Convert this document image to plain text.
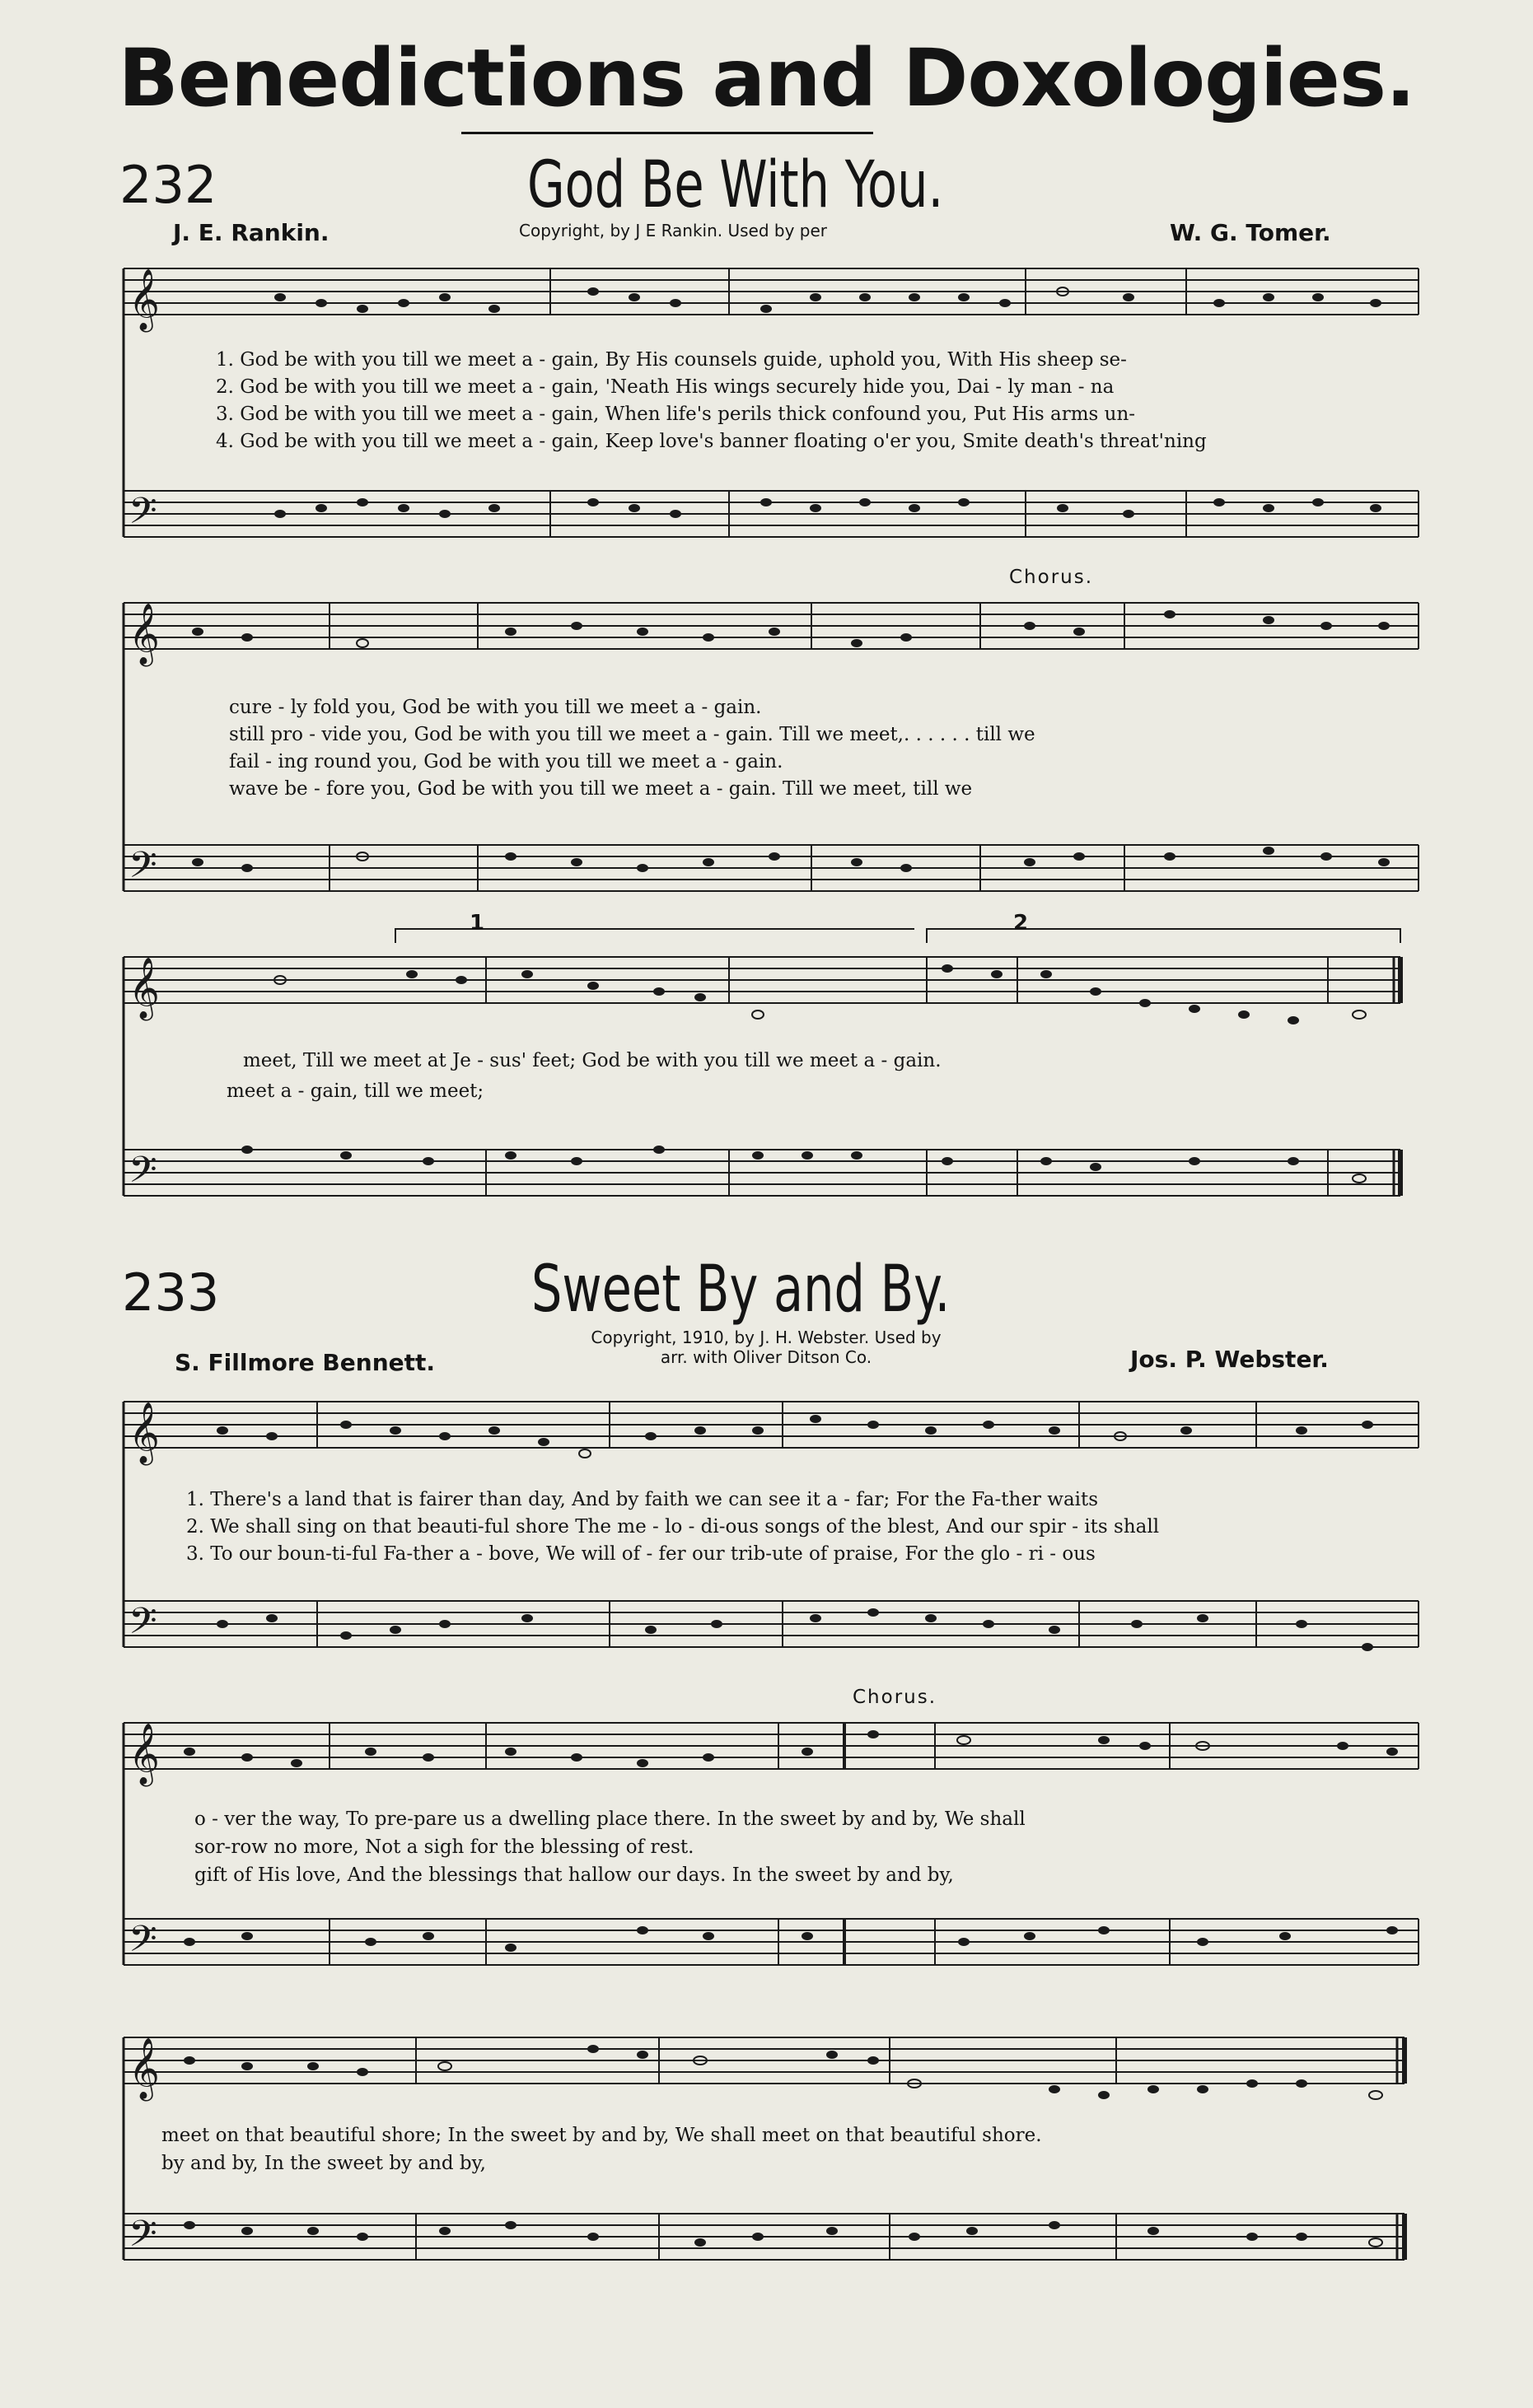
Benedictions and Doxologies.
232	God Be With You.
J. E. Rankin.	Copyright, by J E Rankin. Used by per	W. G. Tomer.
𝄞
𝄢
𝄞
𝄢
𝄞
𝄢
1. God be with you till we meet a - gain, By His counsels guide, uphold you, With His sheep se-
2. God be with you till we meet a - gain, 'Neath His wings securely hide you, Dai - ly man - na
3. God be with you till we meet a - gain, When life's perils thick confound you, Put His arms un-
4. God be with you till we meet a - gain, Keep love's banner floating o'er you, Smite death's threat'ning
Chorus.
cure - ly fold you, God be with you till we meet a - gain.
still pro - vide you, God be with you till we meet a - gain. Till we meet,. . . . . . till we
fail - ing round you, God be with you till we meet a - gain.
wave be - fore you, God be with you till we meet a - gain. Till we meet, till we
1	2
meet, Till we meet at Je - sus' feet; God be with you till we meet a - gain.
meet a - gain, till we meet;
233	Sweet By and By.
Copyright, 1910, by J. H. Webster. Used by
arr. with Oliver Ditson Co.
S. Fillmore Bennett.	Jos. P. Webster.
𝄞
𝄢
𝄞
𝄢
𝄞
𝄢
1. There's a land that is fairer than day, And by faith we can see it a - far; For the Fa-ther waits
2. We shall sing on that beauti-ful shore The me - lo - di-ous songs of the blest, And our spir - its shall
3. To our boun-ti-ful Fa-ther a - bove, We will of - fer our trib-ute of praise, For the glo - ri - ous
Chorus.
o - ver the way, To pre-pare us a dwelling place there. In the sweet by and by, We shall
sor-row no more, Not a sigh for the blessing of rest.
gift of His love, And the blessings that hallow our days. In the sweet by and by,
meet on that beautiful shore; In the sweet by and by, We shall meet on that beautiful shore.
by and by, In the sweet by and by,
